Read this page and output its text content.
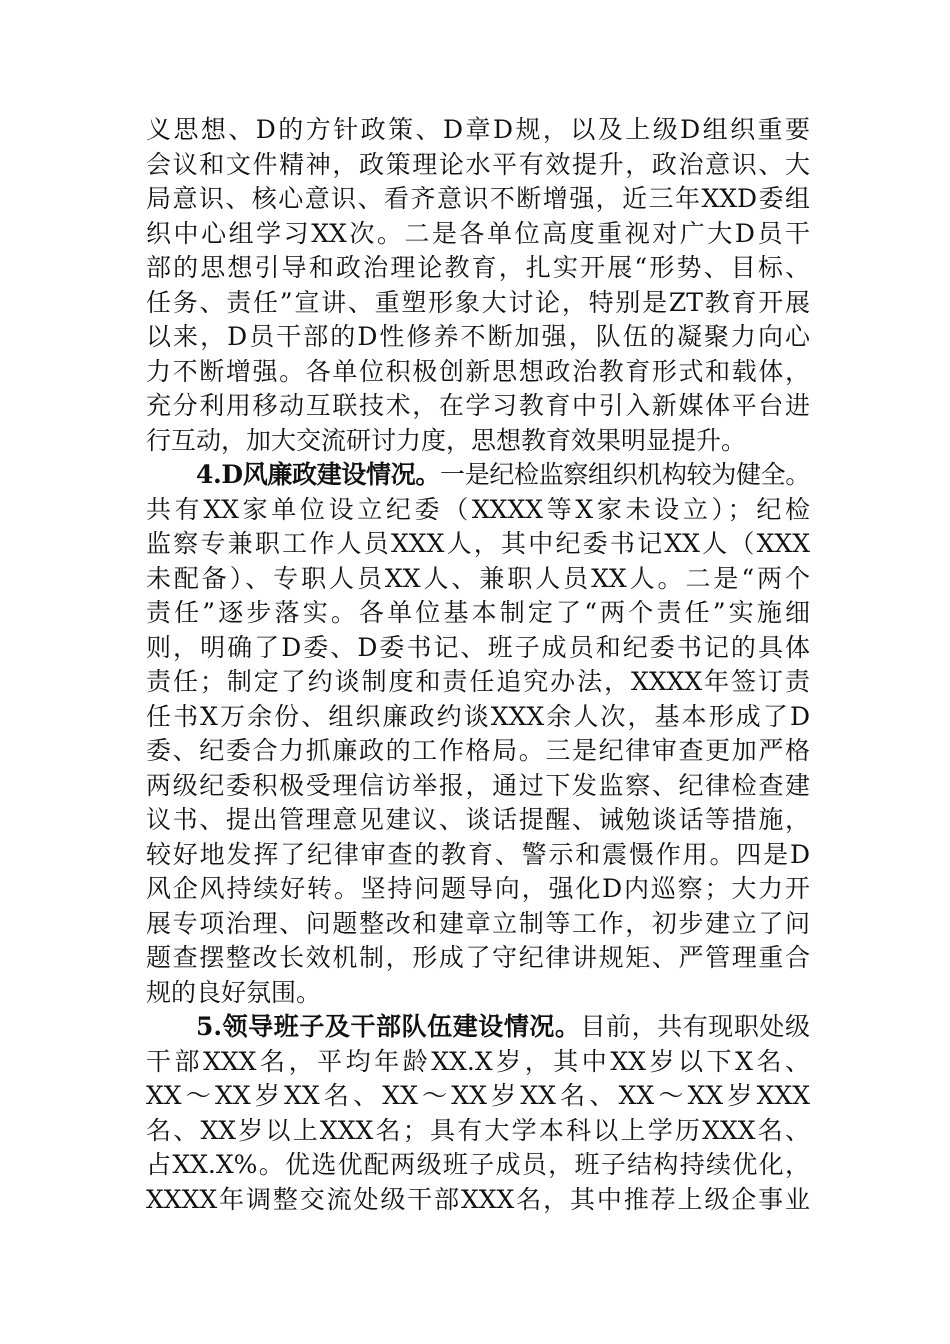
义思想、D的方针政策、D章D规，以及上级D组织重要
会议和文件精神，政策理论水平有效提升，政治意识、大
局意识、核心意识、看齐意识不断增强，近三年XXD委组
织中心组学习XX次。二是各单位高度重视对广大D员干
部的思想引导和政治理论教育，扎实开展“形势、目标、
任务、责任”宣讲、重塑形象大讨论，特别是ZT教育开展
以来，D员干部的D性修养不断加强，队伍的凝聚力向心
力不断增强。各单位积极创新思想政治教育形式和载体，
充分利用移动互联技术，在学习教育中引入新媒体平台进
行互动，加大交流研讨力度，思想教育效果明显提升。
4.D风廉政建设情况。一是纪检监察组织机构较为健全。
共有XX家单位设立纪委（XXXX等X家未设立）；纪检
监察专兼职工作人员XXX人，其中纪委书记XX人（XXX
未配备）、专职人员XX人、兼职人员XX人。二是“两个
责任”逐步落实。各单位基本制定了“两个责任”实施细
则，明确了D委、D委书记、班子成员和纪委书记的具体
责任；制定了约谈制度和责任追究办法，XXXX年签订责
任书X万余份、组织廉政约谈XXX余人次，基本形成了D
委、纪委合力抓廉政的工作格局。三是纪律审查更加严格
两级纪委积极受理信访举报，通过下发监察、纪律检查建
议书、提出管理意见建议、谈话提醒、诫勉谈话等措施，
较好地发挥了纪律审查的教育、警示和震慑作用。四是D
风企风持续好转。坚持问题导向，强化D内巡察；大力开
展专项治理、问题整改和建章立制等工作，初步建立了问
题查摆整改长效机制，形成了守纪律讲规矩、严管理重合
规的良好氛围。
5.领导班子及干部队伍建设情况。目前，共有现职处级
干部XXX名，平均年龄XX.X岁，其中XX岁以下X名、
XX～XX岁XX名、XX～XX岁XX名、XX～XX岁XXX
名、XX岁以上XXX名；具有大学本科以上学历XXX名、
占XX.X%。优选优配两级班子成员，班子结构持续优化，
XXXX年调整交流处级干部XXX名，其中推荐上级企事业
